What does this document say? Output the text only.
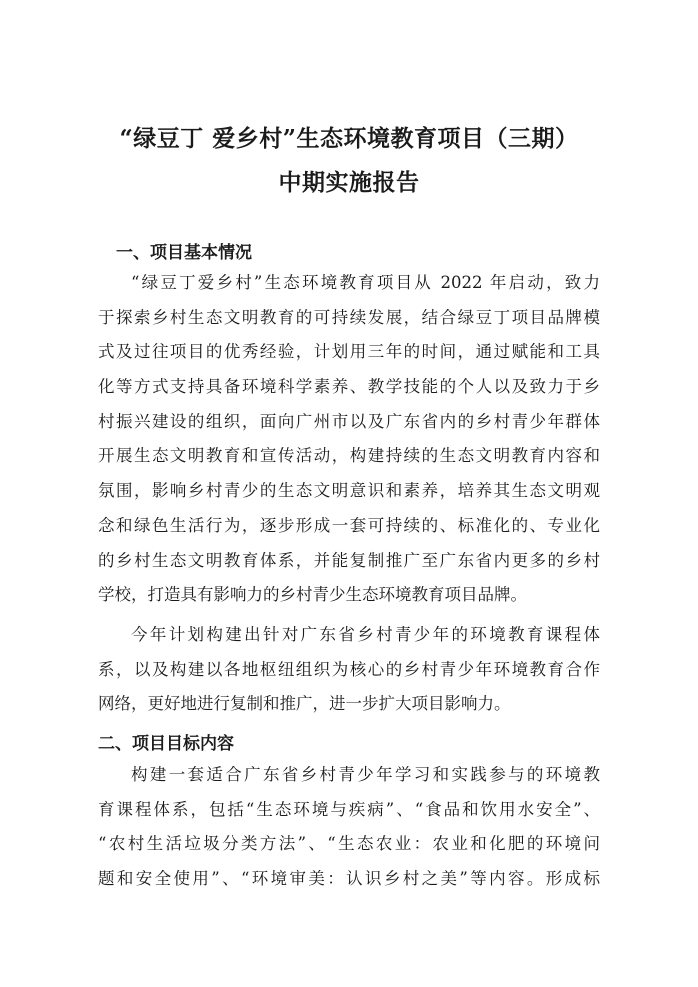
“绿豆丁 爱乡村”生态环境教育项目（三期）
中期实施报告
一、项目基本情况
“绿豆丁爱乡村”生态环境教育项目从 2022 年启动，致力
于探索乡村生态文明教育的可持续发展，结合绿豆丁项目品牌模
式及过往项目的优秀经验，计划用三年的时间，通过赋能和工具
化等方式支持具备环境科学素养、教学技能的个人以及致力于乡
村振兴建设的组织，面向广州市以及广东省内的乡村青少年群体
开展生态文明教育和宣传活动，构建持续的生态文明教育内容和
氛围，影响乡村青少的生态文明意识和素养，培养其生态文明观
念和绿色生活行为，逐步形成一套可持续的、标准化的、专业化
的乡村生态文明教育体系，并能复制推广至广东省内更多的乡村
学校，打造具有影响力的乡村青少生态环境教育项目品牌。
今年计划构建出针对广东省乡村青少年的环境教育课程体
系，以及构建以各地枢纽组织为核心的乡村青少年环境教育合作
网络，更好地进行复制和推广，进一步扩大项目影响力。
二、项目目标内容
构建一套适合广东省乡村青少年学习和实践参与的环境教
育课程体系，包括“生态环境与疾病”、“食品和饮用水安全”、
“农村生活垃圾分类方法”、“生态农业：农业和化肥的环境问
题和安全使用”、“环境审美：认识乡村之美”等内容。形成标
